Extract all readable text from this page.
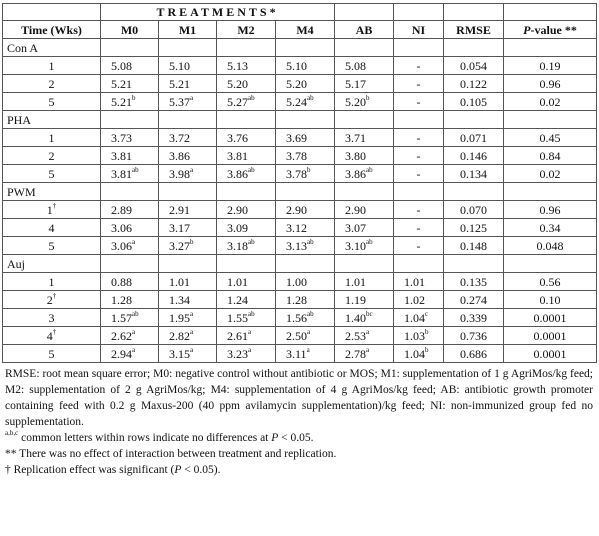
	TREATMENTS*							
Time (Wks)	M0	M1	M2	M4	AB	NI	RMSE	P-value **
Con A								
1	5.08	5.10	5.13	5.10	5.08	-	0.054	0.19
2	5.21	5.21	5.20	5.20	5.17	-	0.122	0.96
5	5.21$^b$	5.37$^a$	5.27$^{ab}$	5.24$^{ab}$	5.20$^b$	-	0.105	0.02
PHA								
1	3.73	3.72	3.76	3.69	3.71	-	0.071	0.45
2	3.81	3.86	3.81	3.78	3.80	-	0.146	0.84
5	3.81$^{ab}$	3.98$^a$	3.86$^{ab}$	3.78$^b$	3.86$^{ab}$	-	0.134	0.02
PWM								
1†	2.89	2.91	2.90	2.90	2.90	-	0.070	0.96
4	3.06	3.17	3.09	3.12	3.07	-	0.125	0.34
5	3.06$^a$	3.27$^b$	3.18$^{ab}$	3.13$^{ab}$	3.10$^{ab}$	-	0.148	0.048
Auj								
1	0.88	1.01	1.01	1.00	1.01	1.01	0.135	0.56
2†	1.28	1.34	1.24	1.28	1.19	1.02	0.274	0.10
3	1.57$^{ab}$	1.95$^a$	1.55$^{ab}$	1.56$^{ab}$	1.40$^{bc}$	1.04$^c$	0.339	0.0001
4†	2.62$^a$	2.82$^a$	2.61$^a$	2.50$^a$	2.53$^a$	1.03$^b$	0.736	0.0001
5	2.94$^a$	3.15$^a$	3.23$^a$	3.11$^a$	2.78$^a$	1.04$^b$	0.686	0.0001

RMSE: root mean square error; M0: negative control without antibiotic or MOS; M1: supplementation of 1 g AgriMos/kg feed; M2: supplementation of 2 g AgriMos/kg; M4: supplementation of 4 g AgriMos/kg feed; AB: antibiotic growth promoter containing feed with 0.2 g Maxus-200 (40 ppm avilamycin supplementation)/kg feed; NI: non-immunized group fed no supplementation.

$^{a,b,c}$ common letters within rows indicate no differences at P < 0.05.

** There was no effect of interaction between treatment and replication.

† Replication effect was significant (P < 0.05).
